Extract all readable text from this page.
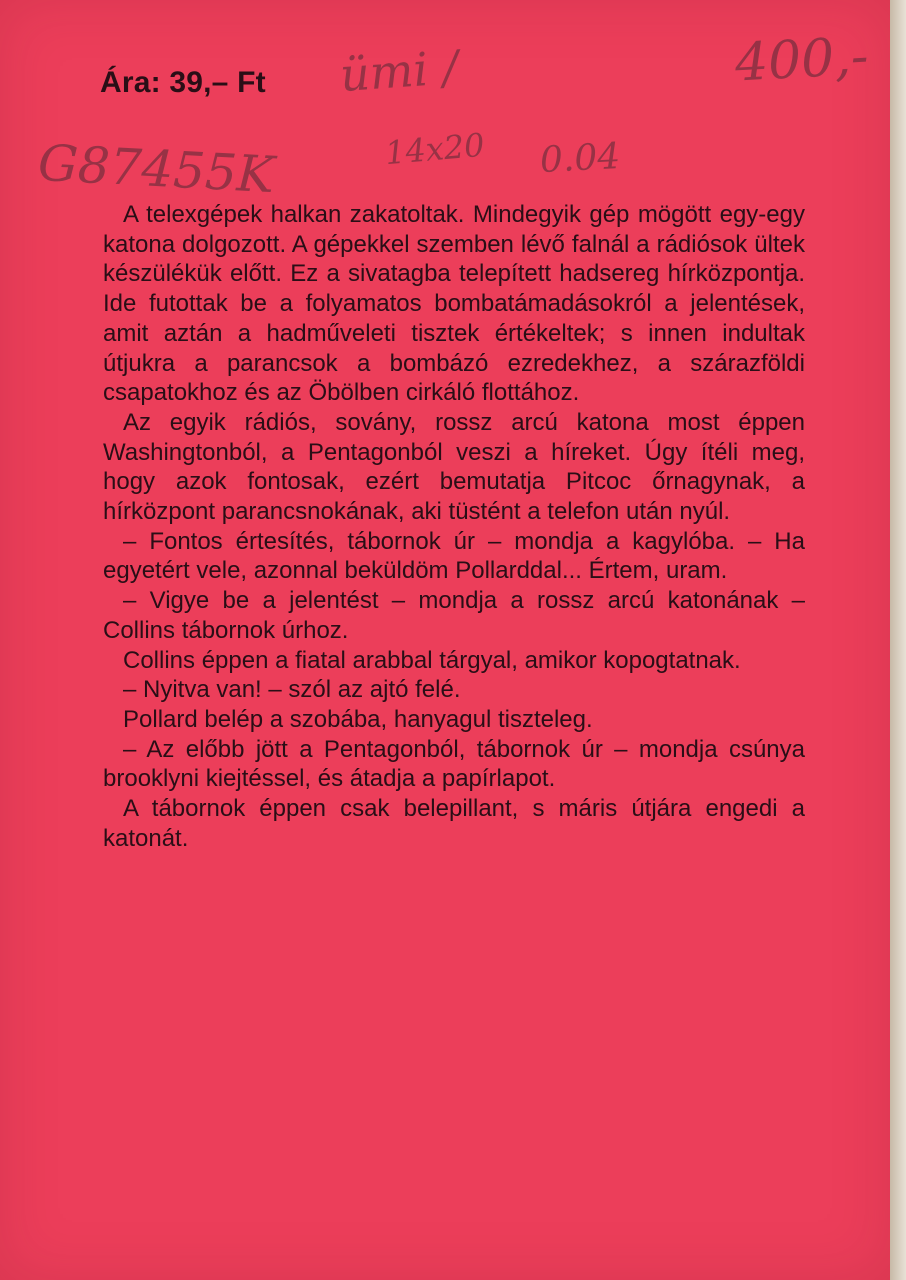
Ára: 39,– Ft ümi /	400,-

G87455K	14x20 0.04

A telexgépek halkan zakatoltak. Mindegyik gép mögött egy-egy katona dolgozott. A gépekkel szemben lévő falnál a rádiósok ültek készülékük előtt. Ez a sivatagba telepített hadsereg hírközpontja. Ide futottak be a folyamatos bombatámadásokról a jelentések, amit aztán a hadműveleti tisztek értékeltek; s innen indultak útjukra a parancsok a bombázó ezredekhez, a szárazföldi csapatokhoz és az Öbölben cirkáló flottához.

Az egyik rádiós, sovány, rossz arcú katona most éppen Washingtonból, a Pentagonból veszi a híreket. Úgy ítéli meg, hogy azok fontosak, ezért bemutatja Pitcoc őrnagynak, a hírközpont parancsnokának, aki tüstént a telefon után nyúl.

– Fontos értesítés, tábornok úr – mondja a kagylóba. – Ha egyetért vele, azonnal beküldöm Pollarddal... Értem, uram.

– Vigye be a jelentést – mondja a rossz arcú katonának – Collins tábornok úrhoz.

Collins éppen a fiatal arabbal tárgyal, amikor kopogtatnak.

– Nyitva van! – szól az ajtó felé.

Pollard belép a szobába, hanyagul tiszteleg.

– Az előbb jött a Pentagonból, tábornok úr – mondja csúnya brooklyni kiejtéssel, és átadja a papírlapot.

A tábornok éppen csak belepillant, s máris útjára engedi a katonát.
